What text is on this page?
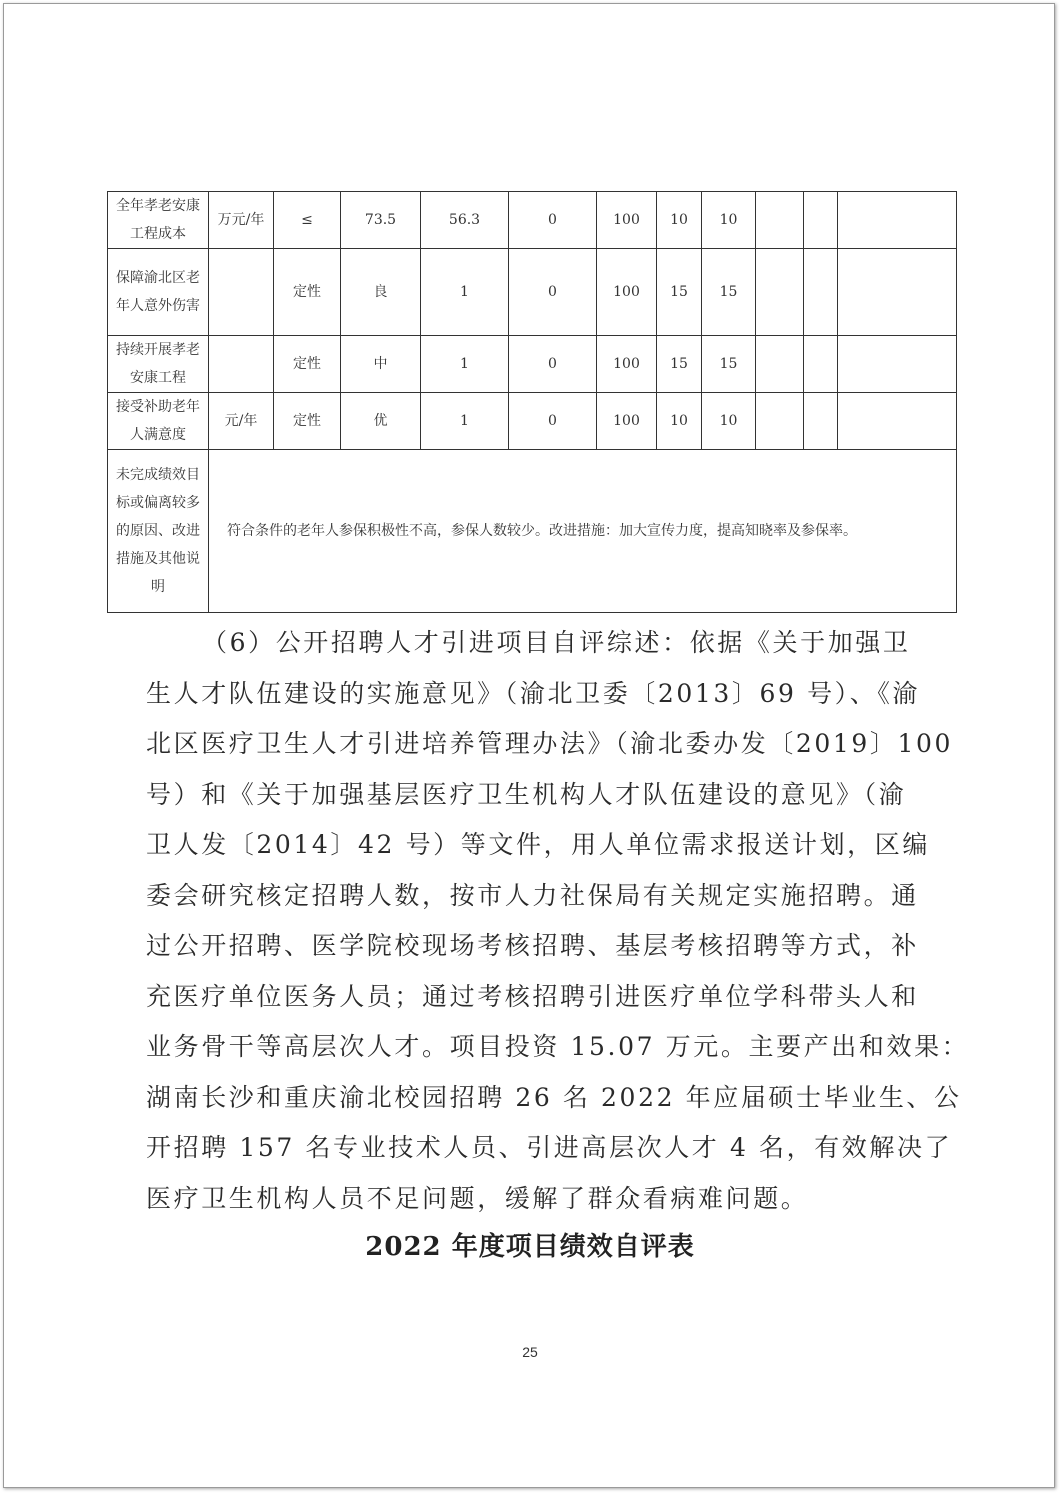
全年孝老安康工程成本	万元/年	≤	73.5	56.3	0	100	10	10			
保障渝北区老年人意外伤害		定性	良	1	0	100	15	15			
持续开展孝老安康工程		定性	中	1	0	100	15	15			
接受补助老年人满意度	元/年	定性	优	1	0	100	10	10			
未完成绩效目标或偏离较多的原因、改进措施及其他说明	符合条件的老年人参保积极性不高，参保人数较少。改进措施：加大宣传力度，提高知晓率及参保率。										
（6）公开招聘人才引进项目自评综述：依据《关于加强卫
生人才队伍建设的实施意见》（渝北卫委〔2013〕69 号）、《渝
北区医疗卫生人才引进培养管理办法》（渝北委办发〔2019〕100
号）和《关于加强基层医疗卫生机构人才队伍建设的意见》（渝
卫人发〔2014〕42 号）等文件，用人单位需求报送计划，区编
委会研究核定招聘人数，按市人力社保局有关规定实施招聘。通
过公开招聘、医学院校现场考核招聘、基层考核招聘等方式，补
充医疗单位医务人员；通过考核招聘引进医疗单位学科带头人和
业务骨干等高层次人才。项目投资 15.07 万元。主要产出和效果：
湖南长沙和重庆渝北校园招聘 26 名 2022 年应届硕士毕业生、公
开招聘 157 名专业技术人员、引进高层次人才 4 名，有效解决了
医疗卫生机构人员不足问题，缓解了群众看病难问题。
2022 年度项目绩效自评表
25
